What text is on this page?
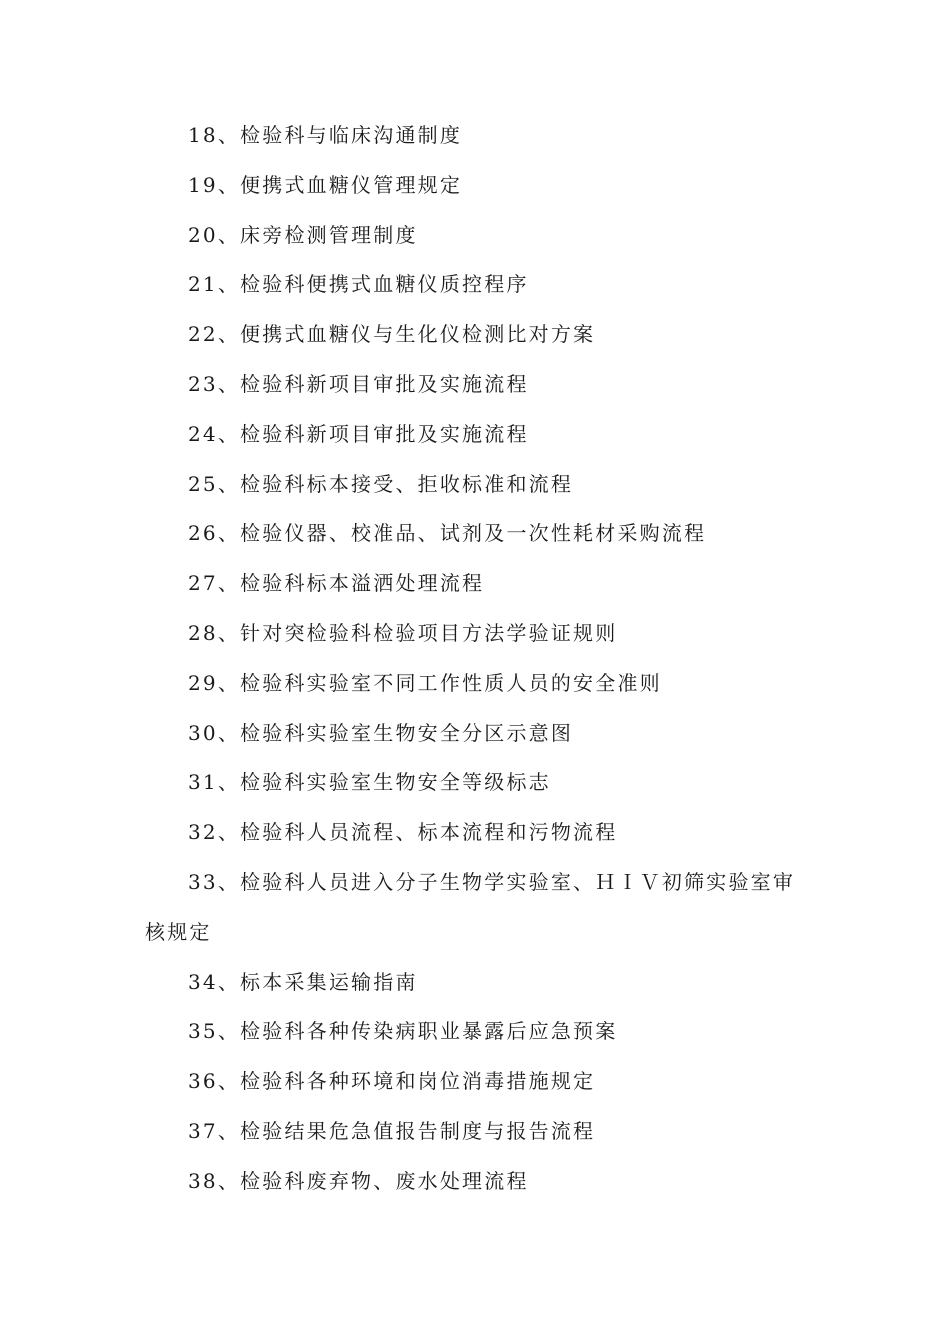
18、检验科与临床沟通制度

19、便携式血糖仪管理规定

20、床旁检测管理制度

21、检验科便携式血糖仪质控程序

22、便携式血糖仪与生化仪检测比对方案

23、检验科新项目审批及实施流程

24、检验科新项目审批及实施流程

25、检验科标本接受、拒收标准和流程

26、检验仪器、校准品、试剂及一次性耗材采购流程

27、检验科标本溢洒处理流程

28、针对突检验科检验项目方法学验证规则

29、检验科实验室不同工作性质人员的安全准则

30、检验科实验室生物安全分区示意图

31、检验科实验室生物安全等级标志

32、检验科人员流程、标本流程和污物流程

33、检验科人员进入分子生物学实验室、ＨＩＶ初筛实验室审核规定

34、标本采集运输指南

35、检验科各种传染病职业暴露后应急预案

36、检验科各种环境和岗位消毒措施规定

37、检验结果危急值报告制度与报告流程

38、检验科废弃物、废水处理流程
